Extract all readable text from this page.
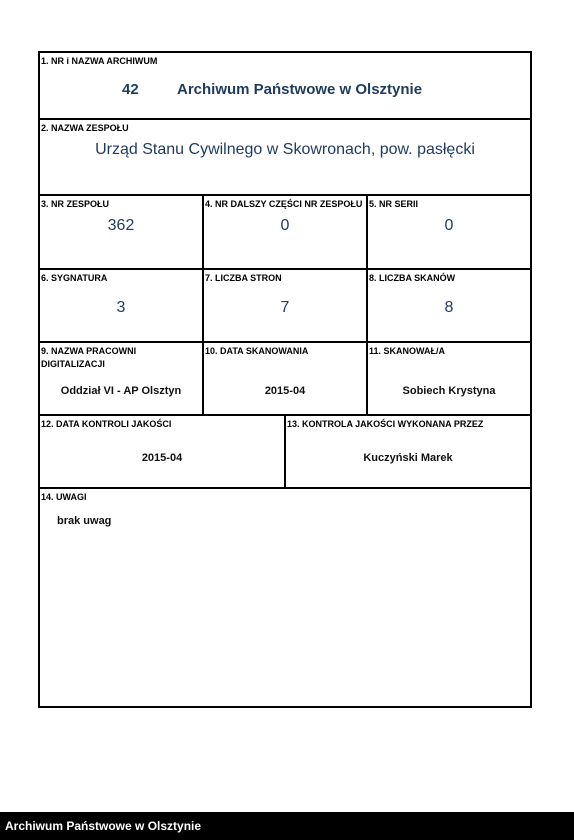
1. NR i NAZWA ARCHIWUM
42	Archiwum Państwowe w Olsztynie
2. NAZWA ZESPOŁU
Urząd Stanu Cywilnego w Skowronach, pow. pasłęcki
3. NR ZESPOŁU
362
4. NR DALSZY CZĘŚCI NR ZESPOŁU
0
5. NR SERII
0
6. SYGNATURA
3
7. LICZBA STRON
7
8. LICZBA SKANÓW
8
9. NAZWA PRACOWNI DIGITALIZACJI
Oddział VI - AP Olsztyn
10. DATA SKANOWANIA
2015-04
11. SKANOWAŁ/A
Sobiech Krystyna
12. DATA KONTROLI JAKOŚCI
2015-04
13. KONTROLA JAKOŚCI WYKONANA PRZEZ
Kuczyński Marek
14. UWAGI
brak uwag
Archiwum Państwowe w Olsztynie
